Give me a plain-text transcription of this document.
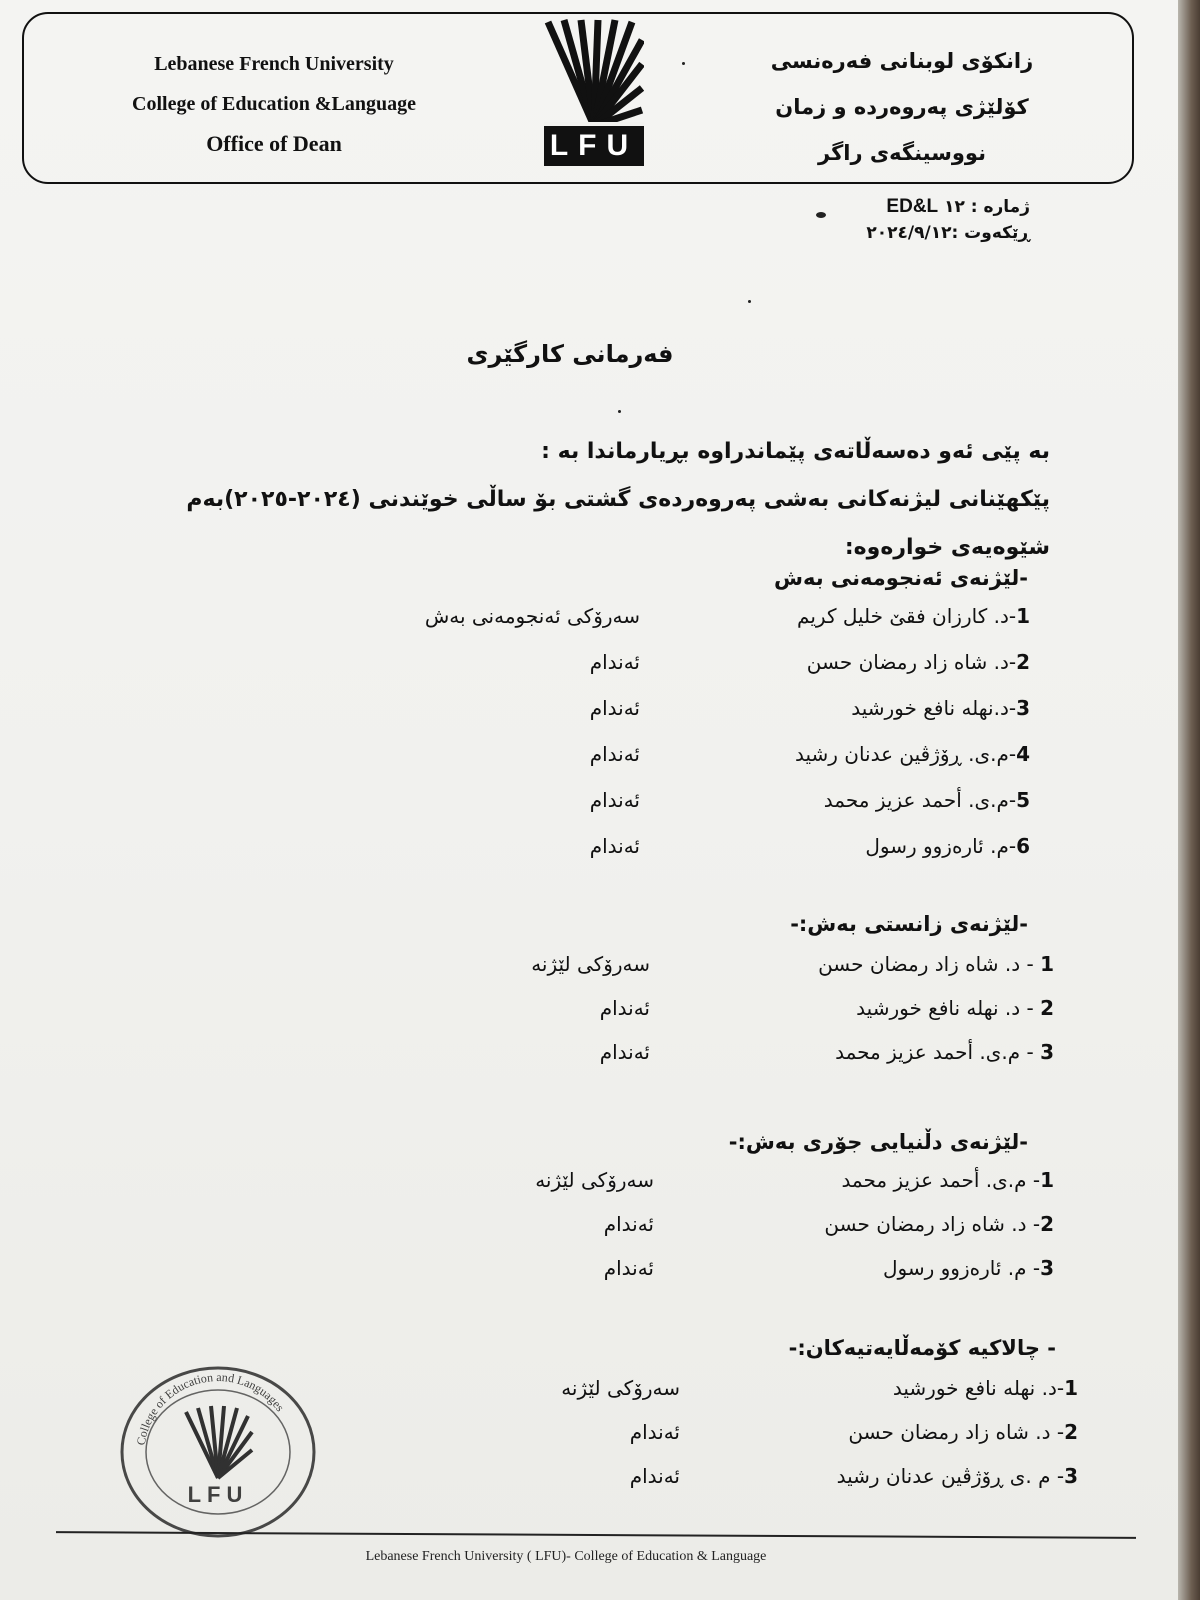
Lebanese French University
College of Education &Language
Office of Dean	LFU
زانکۆی لوبنانی فەرەنسی
کۆلێژی پەروەردە و زمان
نووسینگەی راگر
ژمارە : ١٢ ED&L
ڕێکەوت :٢٠٢٤/٩/١٢
فەرمانی کارگێری
بە پێی ئەو دەسەڵاتەی پێماندراوە بڕیارماندا بە :
پێکهێنانی لیژنەکانی بەشی پەروەردەی گشتی بۆ ساڵی خوێندنی (٢٠٢٤-٢٠٢٥)بەم شێوەیەی خوارەوە:
-لێژنەی ئەنجومەنی بەش
1-د. کارزان فقێ خلیل کریم
سەرۆکی ئەنجومەنی بەش
2-د. شاه زاد رمضان حسن
ئەندام
3-د.نهله نافع خورشید
ئەندام
4-م.ی. ڕۆژڤین عدنان رشید
ئەندام
5-م.ی. أحمد عزیز محمد
ئەندام
6-م. ئارەزوو رسول
ئەندام
-لێژنەی زانستی بەش:-
1 - د. شاه زاد رمضان حسن
سەرۆکی لێژنە
2 - د. نهله نافع خورشید
ئەندام
3 - م.ی. أحمد عزیز محمد
ئەندام
-لێژنەی دڵنیایی جۆری بەش:-
1- م.ی. أحمد عزیز محمد
سەرۆکی لێژنە
2- د. شاه زاد رمضان حسن
ئەندام
3- م. ئارەزوو رسول
ئەندام
- چالاکیە کۆمەڵایەتیەکان:-
1-د. نهله نافع خورشید
سەرۆکی لێژنە
2- د. شاه زاد رمضان حسن
ئەندام
3- م .ی ڕۆژڤین عدنان رشید
ئەندام
College of Education and Languages
LFU
Lebanese French University ( LFU)- College of Education & Language
